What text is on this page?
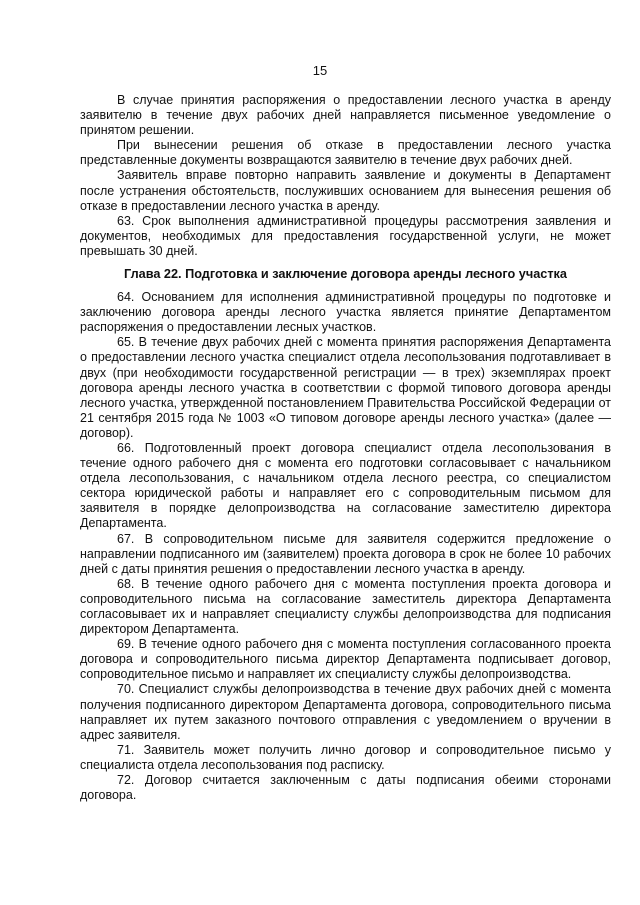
15

В случае принятия распоряжения о предоставлении лесного участка в аренду заявителю в течение двух рабочих дней направляется письменное уведомление о принятом решении.

При вынесении решения об отказе в предоставлении лесного участка представленные документы возвращаются заявителю в течение двух рабочих дней.

Заявитель вправе повторно направить заявление и документы в Департамент после устранения обстоятельств, послуживших основанием для вынесения решения об отказе в предоставлении лесного участка в аренду.

63. Срок выполнения административной процедуры рассмотрения заявления и документов, необходимых для предоставления государственной услуги, не может превышать 30 дней.

Глава 22. Подготовка и заключение договора аренды лесного участка

64. Основанием для исполнения административной процедуры по подготовке и заключению договора аренды лесного участка является принятие Департаментом распоряжения о предоставлении лесных участков.

65. В течение двух рабочих дней с момента принятия распоряжения Департамента о предоставлении лесного участка специалист отдела лесопользования подготавливает в двух (при необходимости государственной регистрации — в трех) экземплярах проект договора аренды лесного участка в соответствии с формой типового договора аренды лесного участка, утвержденной постановлением Правительства Российской Федерации от 21 сентября 2015 года № 1003 «О типовом договоре аренды лесного участка» (далее — договор).

66. Подготовленный проект договора специалист отдела лесопользования в течение одного рабочего дня с момента его подготовки согласовывает с начальником отдела лесопользования, с начальником отдела лесного реестра, со специалистом сектора юридической работы и направляет его с сопроводительным письмом для заявителя в порядке делопроизводства на согласование заместителю директора Департамента.

67. В сопроводительном письме для заявителя содержится предложение о направлении подписанного им (заявителем) проекта договора в срок не более 10 рабочих дней с даты принятия решения о предоставлении лесного участка в аренду.

68. В течение одного рабочего дня с момента поступления проекта договора и сопроводительного письма на согласование заместитель директора Департамента согласовывает их и направляет специалисту службы делопроизводства для подписания директором Департамента.

69. В течение одного рабочего дня с момента поступления согласованного проекта договора и сопроводительного письма директор Департамента подписывает договор, сопроводительное письмо и направляет их специалисту службы делопроизводства.

70. Специалист службы делопроизводства в течение двух рабочих дней с момента получения подписанного директором Департамента договора, сопроводительного письма направляет их путем заказного почтового отправления с уведомлением о вручении в адрес заявителя.

71. Заявитель может получить лично договор и сопроводительное письмо у специалиста отдела лесопользования под расписку.

72. Договор считается заключенным с даты подписания обеими сторонами договора.
